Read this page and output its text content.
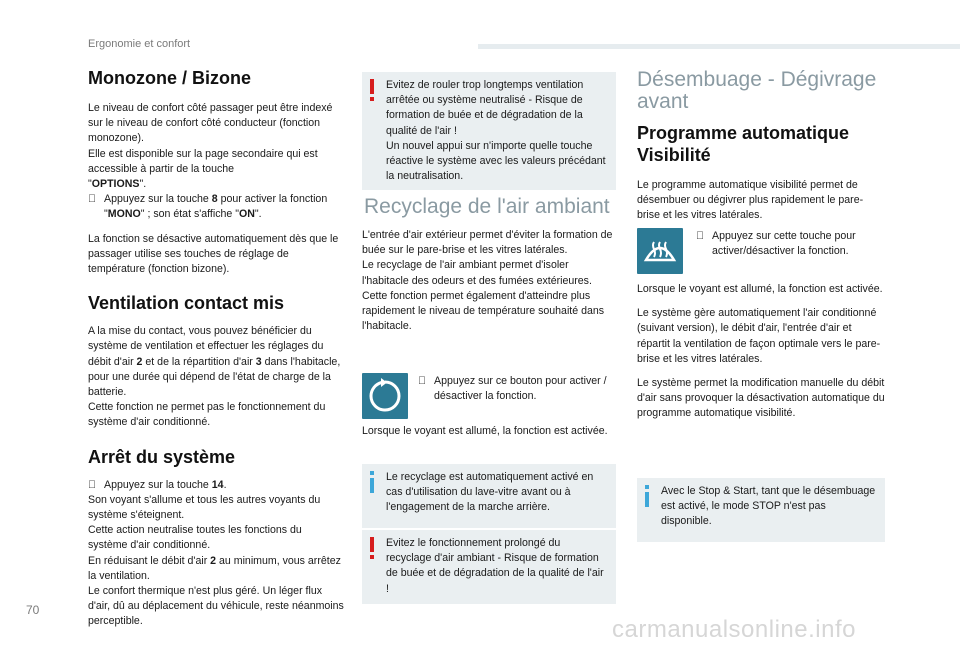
Ergonomie et confort
Monozone / Bizone

Le niveau de confort côté passager peut être indexé sur le niveau de confort côté conducteur (fonction monozone).
Elle est disponible sur la page secondaire qui est accessible à partir de la touche
"OPTIONS".
Appuyez sur la touche 8 pour activer la fonction "MONO" ; son état s'affiche "ON".

La fonction se désactive automatiquement dès que le passager utilise ses touches de réglage de température (fonction bizone).

Ventilation contact mis

A la mise du contact, vous pouvez bénéficier du système de ventilation et effectuer les réglages du débit d'air 2 et de la répartition d'air 3 dans l'habitacle, pour une durée qui dépend de l'état de charge de la batterie.
Cette fonction ne permet pas le fonctionnement du système d'air conditionné.

Arrêt du système

Appuyez sur la touche 14.
Son voyant s'allume et tous les autres voyants du système s'éteignent.
Cette action neutralise toutes les fonctions du système d'air conditionné.
En réduisant le débit d'air 2 au minimum, vous arrêtez la ventilation.
Le confort thermique n'est plus géré. Un léger flux d'air, dû au déplacement du véhicule, reste néanmoins perceptible.

Evitez de rouler trop longtemps ventilation arrêtée ou système neutralisé - Risque de formation de buée et de dégradation de la qualité de l'air !
Un nouvel appui sur n'importe quelle touche réactive le système avec les valeurs précédant la neutralisation.
Recyclage de l'air ambiant

L'entrée d'air extérieur permet d'éviter la formation de buée sur le pare-brise et les vitres latérales.
Le recyclage de l'air ambiant permet d'isoler l'habitacle des odeurs et des fumées extérieures.
Cette fonction permet également d'atteindre plus rapidement le niveau de température souhaité dans l'habitacle.

Appuyez sur ce bouton pour activer / désactiver la fonction.

Lorsque le voyant est allumé, la fonction est activée.

Le recyclage est automatiquement activé en cas d'utilisation du lave-vitre avant ou à l'engagement de la marche arrière.
Evitez le fonctionnement prolongé du recyclage d'air ambiant - Risque de formation de buée et de dégradation de la qualité de l'air !
Désembuage - Dégivrage avant
Programme automatique Visibilité

Le programme automatique visibilité permet de désembuer ou dégivrer plus rapidement le pare-brise et les vitres latérales.

Appuyez sur cette touche pour activer/désactiver la fonction.

Lorsque le voyant est allumé, la fonction est activée.

Le système gère automatiquement l'air conditionné (suivant version), le débit d'air, l'entrée d'air et répartit la ventilation de façon optimale vers le pare-brise et les vitres latérales.

Le système permet la modification manuelle du débit d'air sans provoquer la désactivation automatique du programme automatique visibilité.

Avec le Stop & Start, tant que le désembuage est activé, le mode STOP n'est pas disponible.
70
carmanualsonline.info
